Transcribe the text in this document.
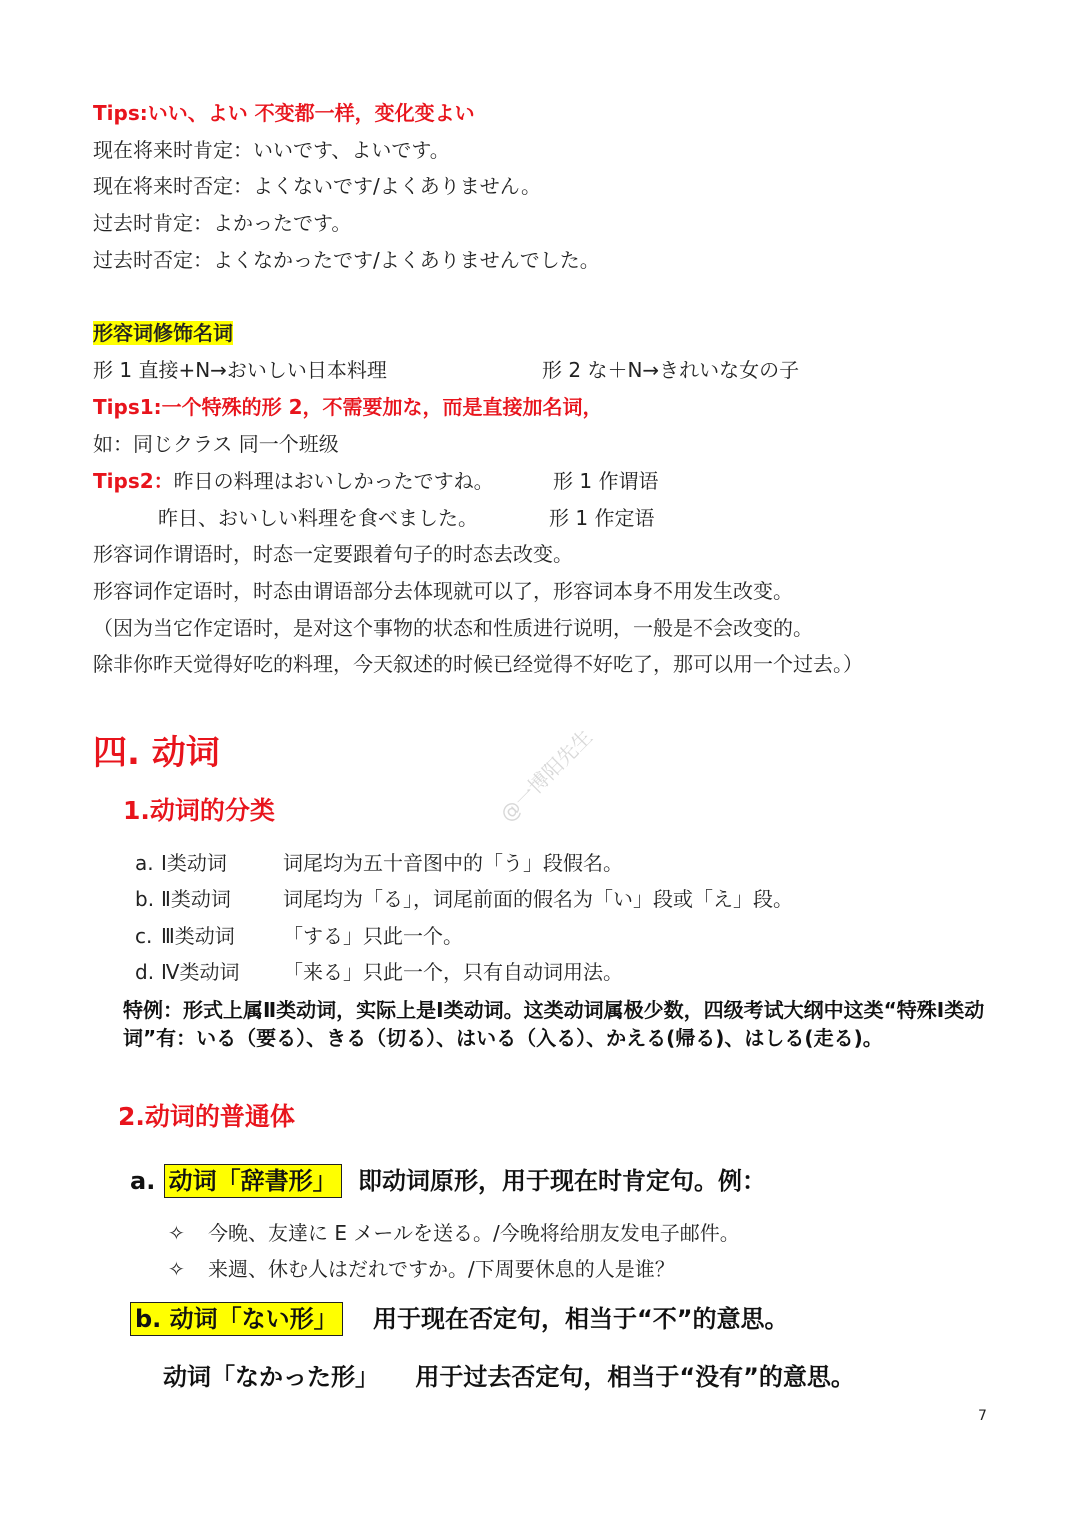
Tips:いい、よい 不变都一样，变化变よい
现在将来时肯定：いいです、よいです。
现在将来时否定：よくないです/よくありません。
过去时肯定：よかったです。
过去时否定：よくなかったです/よくありませんでした。
形容词修饰名词
形 1 直接+N→おいしい日本料理	形 2 な＋N→きれいな女の子
Tips1:一个特殊的形 2，不需要加な，而是直接加名词，
如：同じクラス 同一个班级
Tips2：昨日の料理はおいしかったですね。	形 1 作谓语
昨日、おいしい料理を食べました。	形 1 作定语
形容词作谓语时，时态一定要跟着句子的时态去改变。
形容词作定语时，时态由谓语部分去体现就可以了，形容词本身不用发生改变。
（因为当它作定语时，是对这个事物的状态和性质进行说明，一般是不会改变的。
除非你昨天觉得好吃的料理，今天叙述的时候已经觉得不好吃了，那可以用一个过去。）
四. 动词	@一博阳先生
1.动词的分类
a. Ⅰ类动词	词尾均为五十音图中的「う」段假名。
b. Ⅱ类动词	词尾均为「る」，词尾前面的假名为「い」段或「え」段。
c. Ⅲ类动词 「する」只此一个。
d. Ⅳ类动词 「来る」只此一个，只有自动词用法。
特例：形式上属Ⅱ类动词，实际上是Ⅰ类动词。这类动词属极少数，四级考试大纲中这类“特殊Ⅰ类动词”有：いる（要る）、きる（切る）、はいる（入る）、かえる(帰る)、はしる(走る)。
2.动词的普通体
a. 动词「辞書形」 即动词原形，用于现在时肯定句。例：
✧ 今晩、友達に E メールを送る。/今晚将给朋友发电子邮件。
✧ 来週、休む人はだれですか。/下周要休息的人是谁？
b. 动词「ない形」 用于现在否定句，相当于“不”的意思。
动词「なかった形」 用于过去否定句，相当于“没有”的意思。
7
